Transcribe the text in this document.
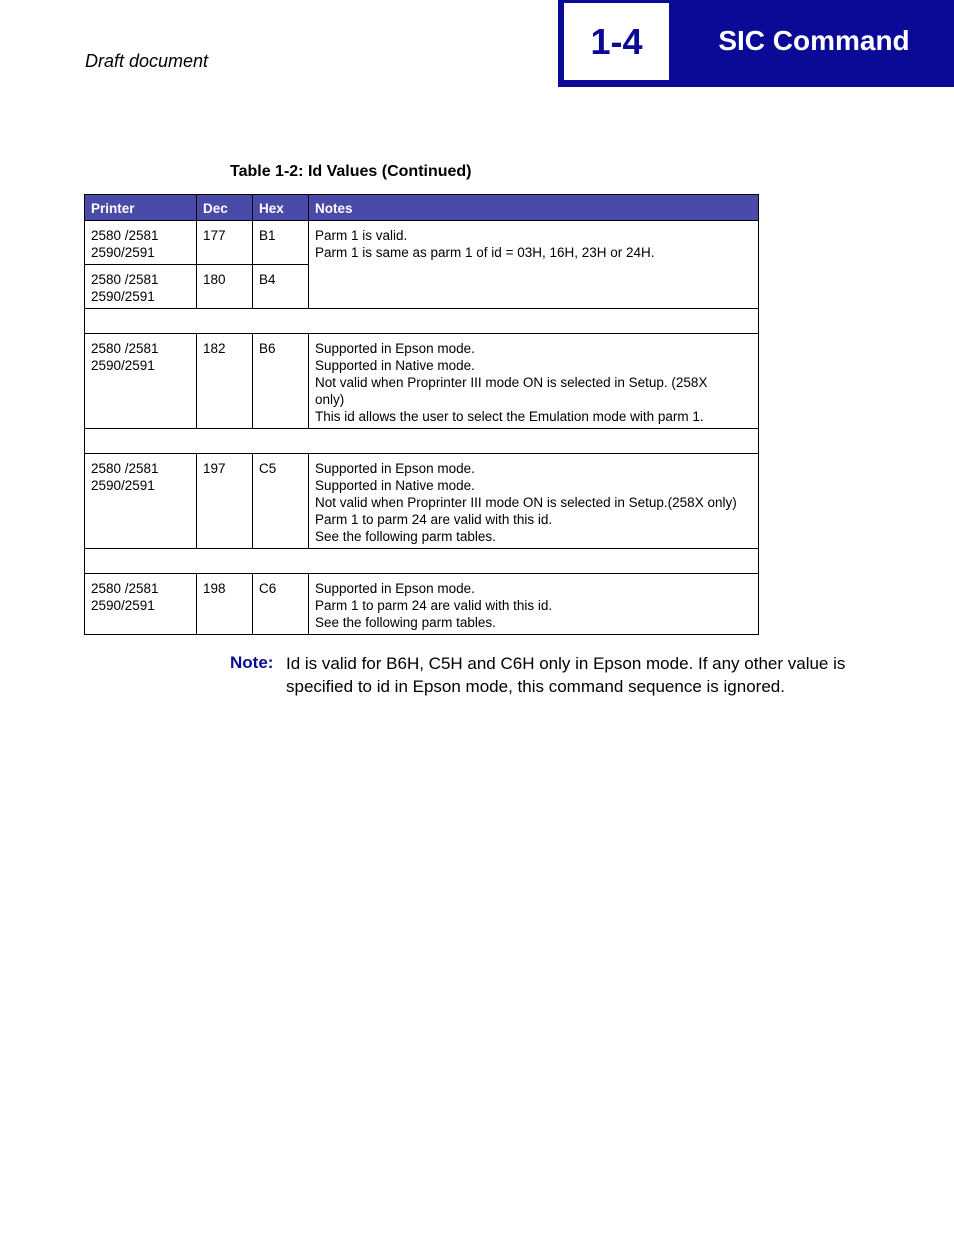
Draft document	1-4	SIC Command
Table 1-2: Id Values (Continued)
Printer	Dec	Hex	Notes

2580 /2581
2590/2591	177	B1	Parm 1 is valid.
Parm 1 is same as parm 1 of id = 03H, 16H, 23H or 24H.

2580 /2581
2590/2591	180	B4	

2580 /2581
2590/2591	182	B6	Supported in Epson mode.
Supported in Native mode.
Not valid when Proprinter III mode ON is selected in Setup. (258X
only)
This id allows the user to select the Emulation mode with parm 1.

2580 /2581
2590/2591	197	C5	Supported in Epson mode.
Supported in Native mode.
Not valid when Proprinter III mode ON is selected in Setup.(258X only)
Parm 1 to parm 24 are valid with this id.
See the following parm tables.

2580 /2581
2590/2591	198	C6	Supported in Epson mode.
Parm 1 to parm 24 are valid with this id.
See the following parm tables.
Note: Id is valid for B6H, C5H and C6H only in Epson mode. If any other value is specified to id in Epson mode, this command sequence is ignored.
